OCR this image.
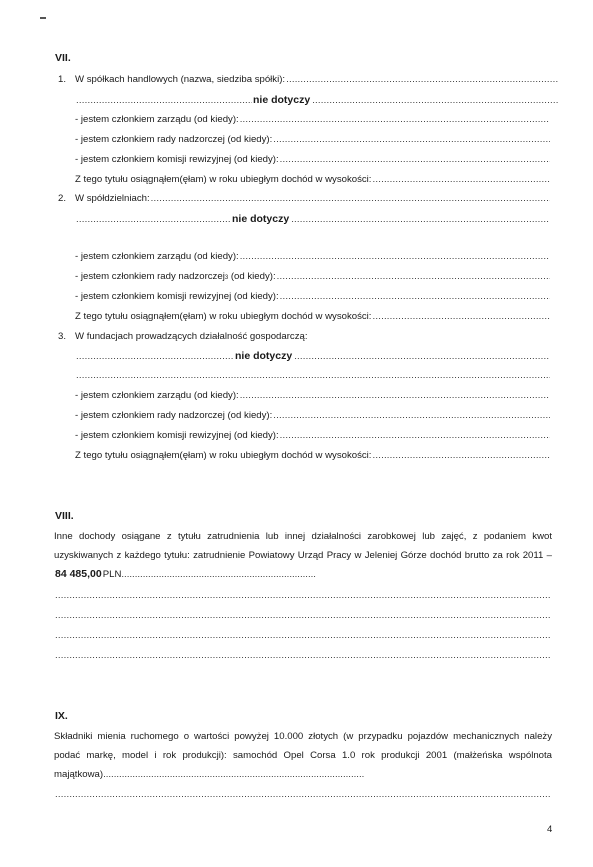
VII.
1. W spółkach handlowych (nazwa, siedziba spółki):
.....
.....
nie dotyczy
.....
- jestem członkiem zarządu (od kiedy):
.....
- jestem członkiem rady nadzorczej (od kiedy):
.....
- jestem członkiem komisji rewizyjnej (od kiedy):
.....
Z tego tytułu osiągnąłem(ęłam) w roku ubiegłym dochód w wysokości:
.....
2. W spółdzielniach:
.....
.....
nie dotyczy
.....
- jestem członkiem zarządu (od kiedy):
.....
- jestem członkiem rady nadzorczej 3
(od kiedy):
.....
- jestem członkiem komisji rewizyjnej (od kiedy):
.....
Z tego tytułu osiągnąłem(ęłam) w roku ubiegłym dochód w wysokości:
.....
3. W fundacjach prowadzących działalność gospodarczą:
.....
nie dotyczy
.....
.....
- jestem członkiem zarządu (od kiedy):
.....
- jestem członkiem rady nadzorczej (od kiedy):
.....
- jestem członkiem komisji rewizyjnej (od kiedy):
.....
Z tego tytułu osiągnąłem(ęłam) w roku ubiegłym dochód w wysokości:
.....
VIII.
Inne dochody osiągane z tytułu zatrudnienia lub innej działalności zarobkowej lub zajęć, z podaniem kwot uzyskiwanych z każdego tytułu: zatrudnienie Powiatowy Urząd Pracy w Jeleniej Górze dochód brutto za rok 2011 – 84 485,00PLN.........................................................................
.....
.....
.....
.....
IX.
Składniki mienia ruchomego o wartości powyżej 10.000 złotych (w przypadku pojazdów mechanicznych należy podać markę, model i rok produkcji): samochód Opel Corsa 1.0 rok produkcji 2001 (małżeńska wspólnota majątkowa)..................................................................................................
.....
4
